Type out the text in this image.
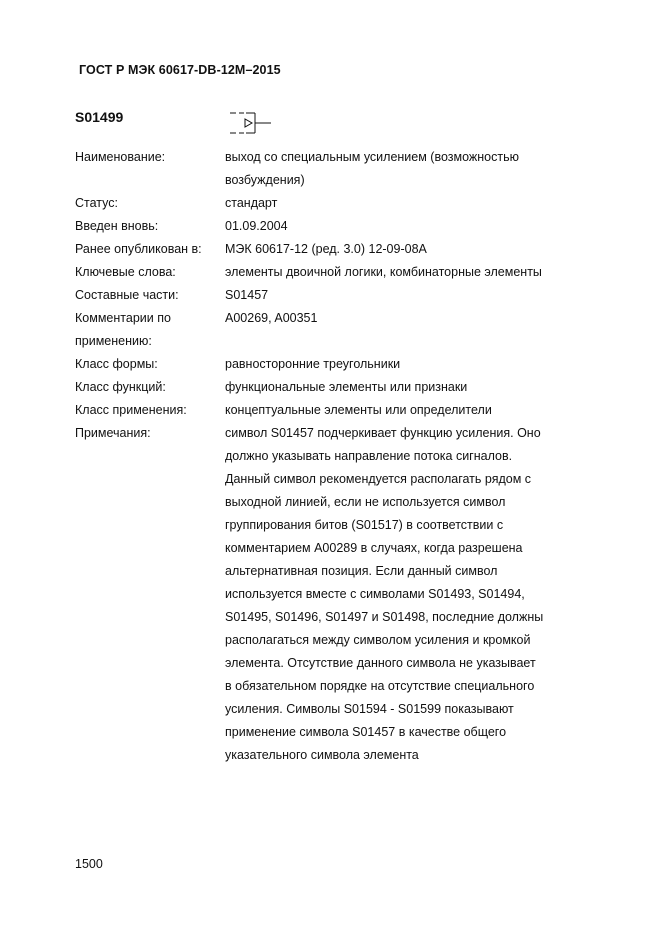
ГОСТ Р МЭК 60617-DB-12M–2015
S01499
Наименование:	выход со специальным усилением (возможностью
возбуждения)
Статус:	стандарт
Введен вновь:	01.09.2004
Ранее опубликован в:	МЭК 60617-12 (ред. 3.0) 12-09-08А
Ключевые слова:	элементы двоичной логики, комбинаторные элементы
Составные части:	S01457
Комментарии по
применению:
A00269, A00351
Класс формы:	равносторонние треугольники
Класс функций:	функциональные элементы или признаки
Класс применения:	концептуальные элементы или определители
Примечания:	символ S01457 подчеркивает функцию усиления. Оно
должно указывать направление потока сигналов.
Данный символ рекомендуется располагать рядом с
выходной линией, если не используется символ
группирования битов (S01517) в соответствии с
комментарием A00289 в случаях, когда разрешена
альтернативная позиция. Если данный символ
используется вместе с символами S01493, S01494,
S01495, S01496, S01497 и S01498, последние должны
располагаться между символом усиления и кромкой
элемента. Отсутствие данного символа не указывает
в обязательном порядке на отсутствие специального
усиления. Символы S01594 - S01599 показывают
применение символа S01457 в качестве общего
указательного символа элемента
1500
